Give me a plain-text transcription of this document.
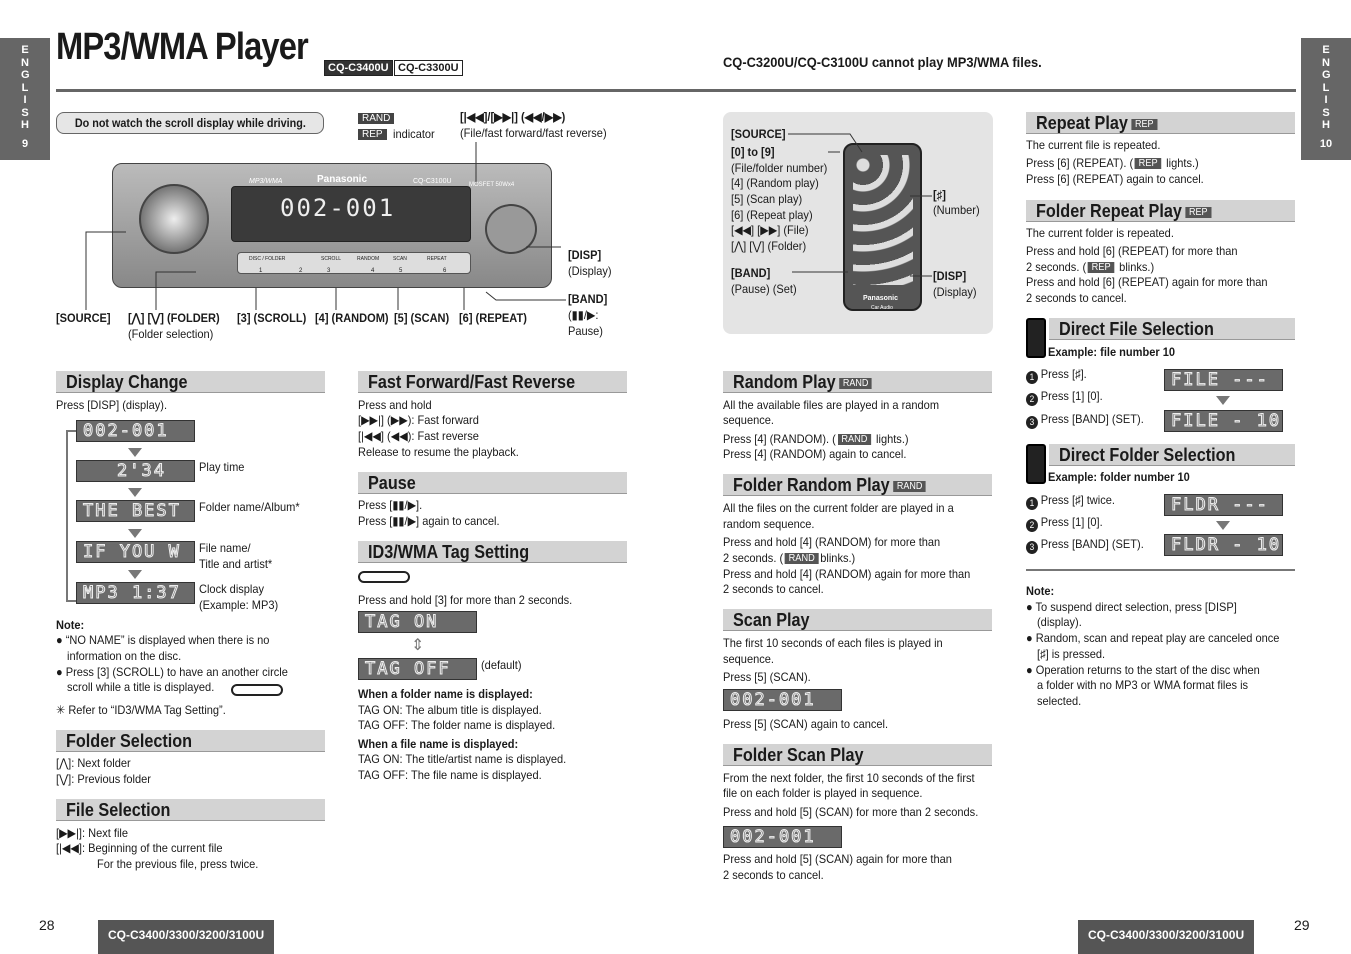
ENGLISH
9
ENGLISH
10
MP3/WMA Player	CQ-C3400U CQ-C3300U	CQ-C3200U/CQ-C3100U cannot play MP3/WMA files.
Do not watch the scroll display while driving.
002-001
Panasonic	CQ-C3100U
MP3/WMA	MOSFET 50Wx4
DISC / FOLDER	SCROLL	RANDOM	SCAN	REPEAT
1	2	3	4	5	6
RAND
REP indicator
[|◀◀]/[▶▶|] (◀◀/▶▶)
(File/fast forward/fast reverse)
[DISP]
(Display)
[BAND]
(▮▮/▶:
Pause)
[SOURCE] [⋀] [⋁] (FOLDER)
(Folder selection)
[3] (SCROLL) [4] (RANDOM) [5] (SCAN) [6] (REPEAT)
[SOURCE]
[0] to [9]
(File/folder number)
[4] (Random play)
[5] (Scan play)
[6] (Repeat play)
[◀◀] [▶▶] (File)
[⋀] [⋁] (Folder)
[BAND]
(Pause) (Set)
[♯]
(Number)
[DISP]
(Display)
Panasonic
Car Audio
Display Change
Press [DISP] (display).
002-001
2'34	Play time
THE BEST	Folder name/Album*
IF YOU W	File name/
Title and artist*
MP3 1:37	Clock display
(Example: MP3)
Note:
● “NO NAME” is displayed when there is no
information on the disc.
● Press [3] (SCROLL) to have an another circle
scroll while a title is displayed.
✳ Refer to “ID3/WMA Tag Setting”.
Folder Selection
[⋀]: Next folder
[⋁]: Previous folder
File Selection
[▶▶|]: Next file
[|◀◀]: Beginning of the current file
For the previous file, press twice.
Fast Forward/Fast Reverse
Press and hold
[▶▶|] (▶▶): Fast forward
[|◀◀] (◀◀): Fast reverse
Release to resume the playback.
Pause
Press [▮▮/▶].
Press [▮▮/▶] again to cancel.
ID3/WMA Tag Setting
Press and hold [3] for more than 2 seconds.
TAG ON
⇕
TAG OFF	(default)
When a folder name is displayed:
TAG ON: The album title is displayed.
TAG OFF: The folder name is displayed.
When a file name is displayed:
TAG ON: The title/artist name is displayed.
TAG OFF: The file name is displayed.
Random Play RAND
All the available files are played in a random
sequence.
Press [4] (RANDOM). ( RAND lights.)
Press [4] (RANDOM) again to cancel.
Folder Random Play RAND
All the files on the current folder are played in a
random sequence.
Press and hold [4] (RANDOM) for more than
2 seconds. ( RAND blinks.)
Press and hold [4] (RANDOM) again for more than
2 seconds to cancel.
Scan Play
The first 10 seconds of each files is played in
sequence.
Press [5] (SCAN).
002-001
Press [5] (SCAN) again to cancel.
Folder Scan Play
From the next folder, the first 10 seconds of the first
file on each folder is played in sequence.
Press and hold [5] (SCAN) for more than 2 seconds.
002-001
Press and hold [5] (SCAN) again for more than
2 seconds to cancel.
Repeat Play REP
The current file is repeated.
Press [6] (REPEAT). ( REP lights.)
Press [6] (REPEAT) again to cancel.
Folder Repeat Play REP
The current folder is repeated.
Press and hold [6] (REPEAT) for more than
2 seconds. ( REP blinks.)
Press and hold [6] (REPEAT) again for more than
2 seconds to cancel.
Direct File Selection
Example: file number 10
1 Press [♯].
2 Press [1] [0].
3 Press [BAND] (SET).
FILE ---
FILE - 10
Direct Folder Selection
Example: folder number 10
1 Press [♯] twice.
2 Press [1] [0].
3 Press [BAND] (SET).
FLDR ---
FLDR - 10
Note:
● To suspend direct selection, press [DISP]
(display).
● Random, scan and repeat play are canceled once
[♯] is pressed.
● Operation returns to the start of the disc when
a folder with no MP3 or WMA format files is
selected.
28
CQ-C3400/3300/3200/3100U	CQ-C3400/3300/3200/3100U
29
